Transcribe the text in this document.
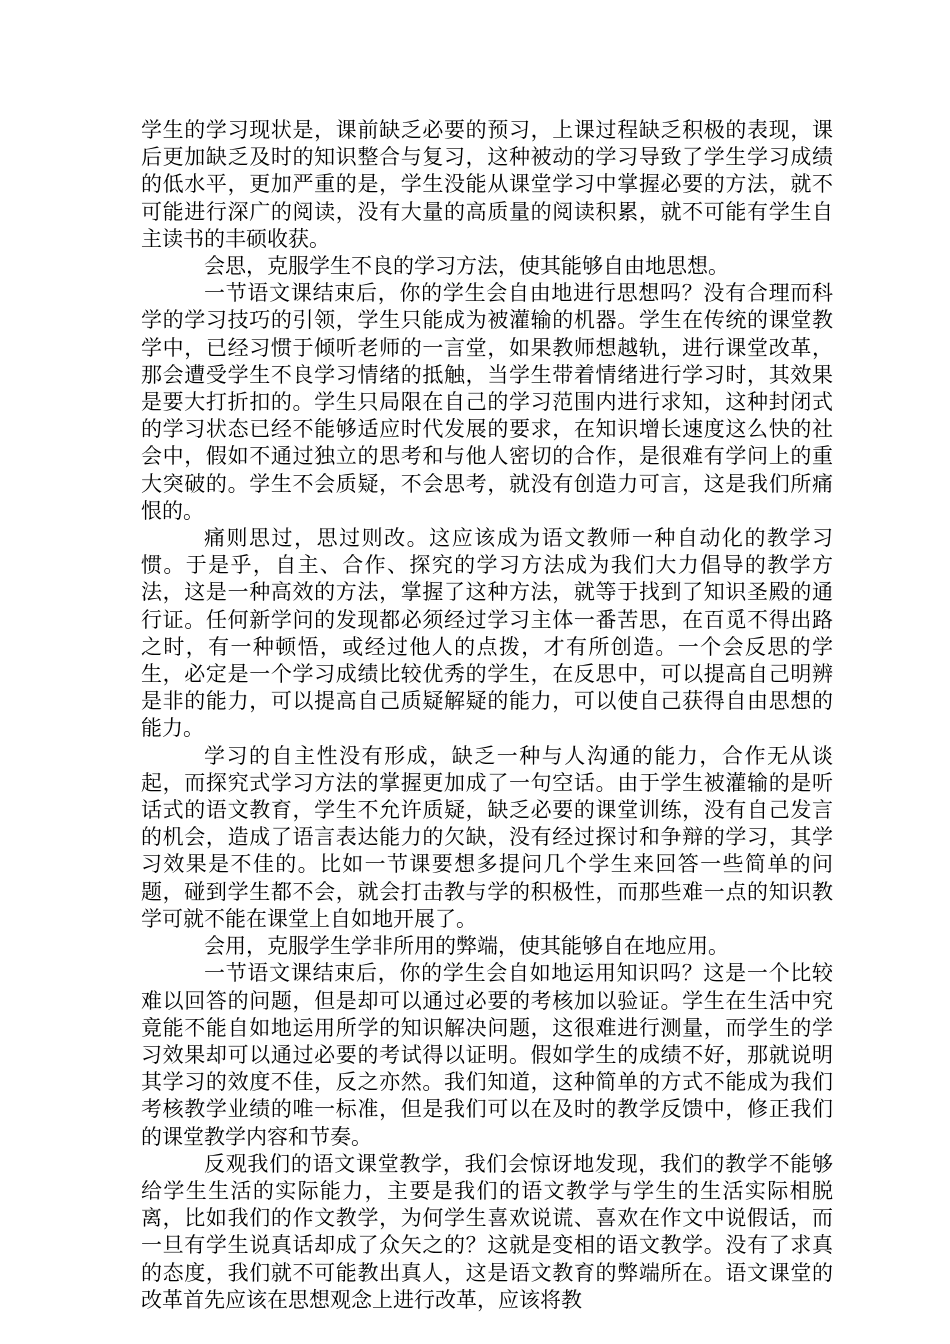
学生的学习现状是，课前缺乏必要的预习，上课过程缺乏积极的表现，课后更加缺乏及时的知识整合与复习，这种被动的学习导致了学生学习成绩的低水平，更加严重的是，学生没能从课堂学习中掌握必要的方法，就不可能进行深广的阅读，没有大量的高质量的阅读积累，就不可能有学生自主读书的丰硕收获。

会思，克服学生不良的学习方法，使其能够自由地思想。

一节语文课结束后，你的学生会自由地进行思想吗？没有合理而科学的学习技巧的引领，学生只能成为被灌输的机器。学生在传统的课堂教学中，已经习惯于倾听老师的一言堂，如果教师想越轨，进行课堂改革，那会遭受学生不良学习情绪的抵触，当学生带着情绪进行学习时，其效果是要大打折扣的。学生只局限在自己的学习范围内进行求知，这种封闭式的学习状态已经不能够适应时代发展的要求，在知识增长速度这么快的社会中，假如不通过独立的思考和与他人密切的合作，是很难有学问上的重大突破的。学生不会质疑，不会思考，就没有创造力可言，这是我们所痛恨的。

痛则思过，思过则改。这应该成为语文教师一种自动化的教学习惯。于是乎，自主、合作、探究的学习方法成为我们大力倡导的教学方法，这是一种高效的方法，掌握了这种方法，就等于找到了知识圣殿的通行证。任何新学问的发现都必须经过学习主体一番苦思，在百觅不得出路之时，有一种顿悟，或经过他人的点拨，才有所创造。一个会反思的学生，必定是一个学习成绩比较优秀的学生，在反思中，可以提高自己明辨是非的能力，可以提高自己质疑解疑的能力，可以使自己获得自由思想的能力。

学习的自主性没有形成，缺乏一种与人沟通的能力，合作无从谈起，而探究式学习方法的掌握更加成了一句空话。由于学生被灌输的是听话式的语文教育，学生不允许质疑，缺乏必要的课堂训练，没有自己发言的机会，造成了语言表达能力的欠缺，没有经过探讨和争辩的学习，其学习效果是不佳的。比如一节课要想多提问几个学生来回答一些简单的问题，碰到学生都不会，就会打击教与学的积极性，而那些难一点的知识教学可就不能在课堂上自如地开展了。

会用，克服学生学非所用的弊端，使其能够自在地应用。

一节语文课结束后，你的学生会自如地运用知识吗？这是一个比较难以回答的问题，但是却可以通过必要的考核加以验证。学生在生活中究竟能不能自如地运用所学的知识解决问题，这很难进行测量，而学生的学习效果却可以通过必要的考试得以证明。假如学生的成绩不好，那就说明其学习的效度不佳，反之亦然。我们知道，这种简单的方式不能成为我们考核教学业绩的唯一标准，但是我们可以在及时的教学反馈中，修正我们的课堂教学内容和节奏。

反观我们的语文课堂教学，我们会惊讶地发现，我们的教学不能够给学生生活的实际能力，主要是我们的语文教学与学生的生活实际相脱离，比如我们的作文教学，为何学生喜欢说谎、喜欢在作文中说假话，而一旦有学生说真话却成了众矢之的？这就是变相的语文教学。没有了求真的态度，我们就不可能教出真人，这是语文教育的弊端所在。语文课堂的改革首先应该在思想观念上进行改革，应该将教
